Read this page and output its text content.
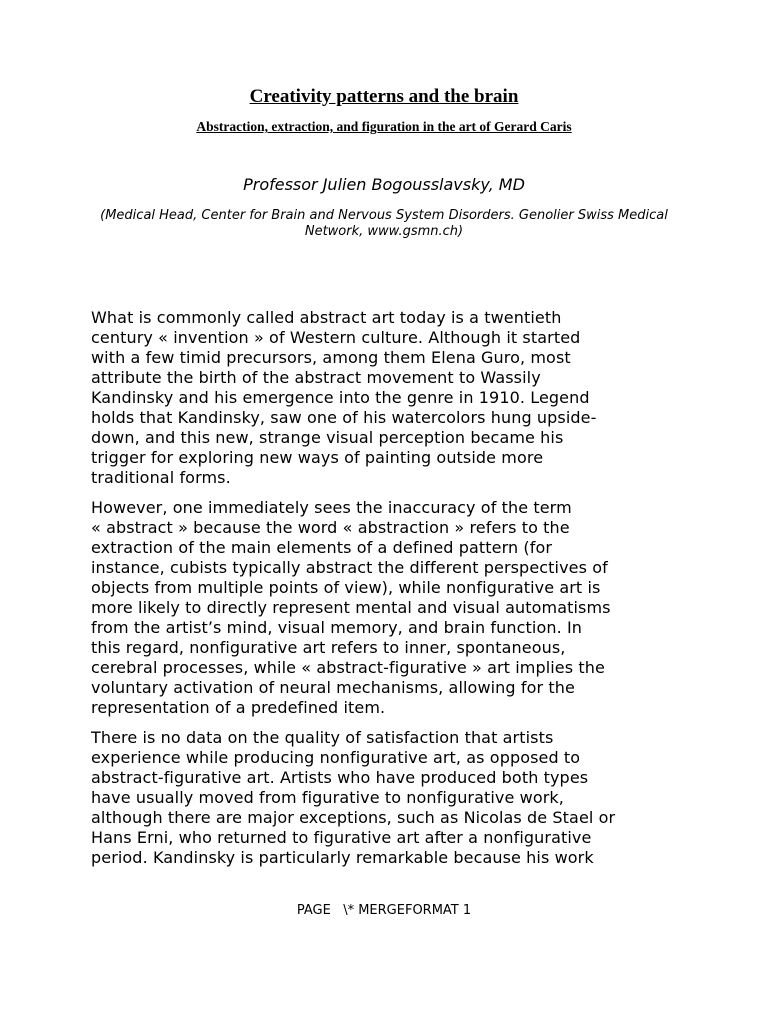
Creativity patterns and the brain
Abstraction, extraction, and figuration in the art of Gerard Caris
Professor Julien Bogousslavsky, MD
(Medical Head, Center for Brain and Nervous System Disorders. Genolier Swiss Medical Network, www.gsmn.ch)

What is commonly called abstract art today is a twentieth
century « invention » of Western culture. Although it started
with a few timid precursors, among them Elena Guro, most
attribute the birth of the abstract movement to Wassily
Kandinsky and his emergence into the genre in 1910. Legend
holds that Kandinsky, saw one of his watercolors hung upside-
down, and this new, strange visual perception became his
trigger for exploring new ways of painting outside more
traditional forms.

However, one immediately sees the inaccuracy of the term
« abstract » because the word « abstraction » refers to the
extraction of the main elements of a defined pattern (for
instance, cubists typically abstract the different perspectives of
objects from multiple points of view), while nonfigurative art is
more likely to directly represent mental and visual automatisms
from the artist’s mind, visual memory, and brain function. In
this regard, nonfigurative art refers to inner, spontaneous,
cerebral processes, while « abstract-figurative » art implies the
voluntary activation of neural mechanisms, allowing for the
representation of a predefined item.

There is no data on the quality of satisfaction that artists
experience while producing nonfigurative art, as opposed to
abstract-figurative art. Artists who have produced both types
have usually moved from figurative to nonfigurative work,
although there are major exceptions, such as Nicolas de Stael or
Hans Erni, who returned to figurative art after a nonfigurative
period. Kandinsky is particularly remarkable because his work

PAGE   \* MERGEFORMAT 1
